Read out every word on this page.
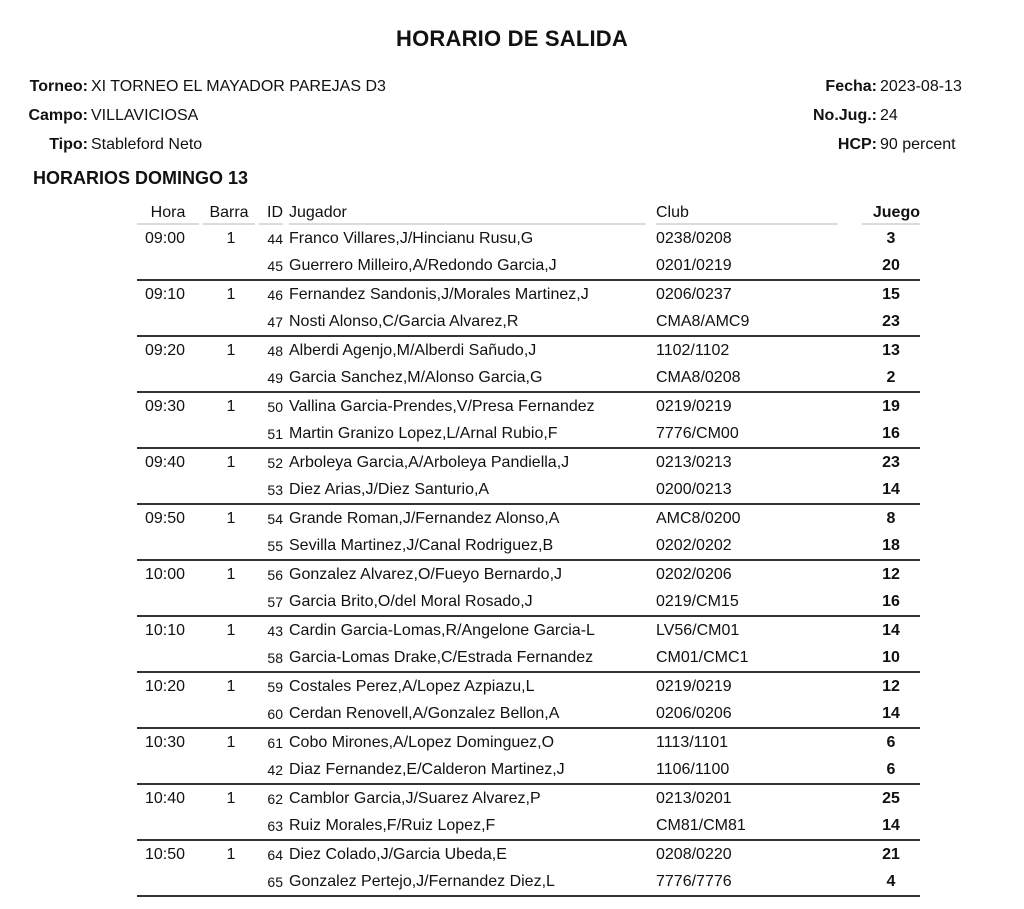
HORARIO DE SALIDA
Torneo: XI TORNEO EL MAYADOR PAREJAS D3
Campo: VILLAVICIOSA
Tipo: Stableford Neto
Fecha: 2023-08-13
No.Jug.: 24
HCP: 90 percent
HORARIOS DOMINGO 13
Hora	Barra	ID	Jugador	Club	Juego

09:00	1	44	Franco Villares,J/Hincianu Rusu,G	0238/0208	3
		45	Guerrero Milleiro,A/Redondo Garcia,J	0201/0219	20
09:10	1	46	Fernandez Sandonis,J/Morales Martinez,J	0206/0237	15
		47	Nosti Alonso,C/Garcia Alvarez,R	CMA8/AMC9	23
09:20	1	48	Alberdi Agenjo,M/Alberdi Sañudo,J	1102/1102	13
		49	Garcia Sanchez,M/Alonso Garcia,G	CMA8/0208	2
09:30	1	50	Vallina Garcia-Prendes,V/Presa Fernandez	0219/0219	19
		51	Martin Granizo Lopez,L/Arnal Rubio,F	7776/CM00	16
09:40	1	52	Arboleya Garcia,A/Arboleya Pandiella,J	0213/0213	23
		53	Diez Arias,J/Diez Santurio,A	0200/0213	14
09:50	1	54	Grande Roman,J/Fernandez Alonso,A	AMC8/0200	8
		55	Sevilla Martinez,J/Canal Rodriguez,B	0202/0202	18
10:00	1	56	Gonzalez Alvarez,O/Fueyo Bernardo,J	0202/0206	12
		57	Garcia Brito,O/del Moral Rosado,J	0219/CM15	16
10:10	1	43	Cardin Garcia-Lomas,R/Angelone Garcia-L	LV56/CM01	14
		58	Garcia-Lomas Drake,C/Estrada Fernandez	CM01/CMC1	10
10:20	1	59	Costales Perez,A/Lopez Azpiazu,L	0219/0219	12
		60	Cerdan Renovell,A/Gonzalez Bellon,A	0206/0206	14
10:30	1	61	Cobo Mirones,A/Lopez Dominguez,O	1113/1101	6
		42	Diaz Fernandez,E/Calderon Martinez,J	1106/1100	6
10:40	1	62	Camblor Garcia,J/Suarez Alvarez,P	0213/0201	25
		63	Ruiz Morales,F/Ruiz Lopez,F	CM81/CM81	14
10:50	1	64	Diez Colado,J/Garcia Ubeda,E	0208/0220	21
		65	Gonzalez Pertejo,J/Fernandez Diez,L	7776/7776	4
